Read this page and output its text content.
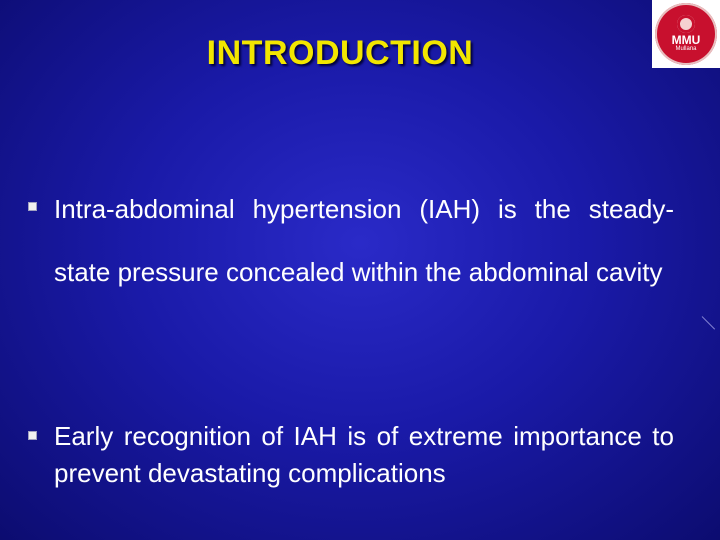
INTRODUCTION	MMU
Mullana
Intra-abdominal hypertension (IAH) is the steady-state pressure concealed within the abdominal cavity
Early recognition of IAH is of extreme importance to prevent devastating complications
